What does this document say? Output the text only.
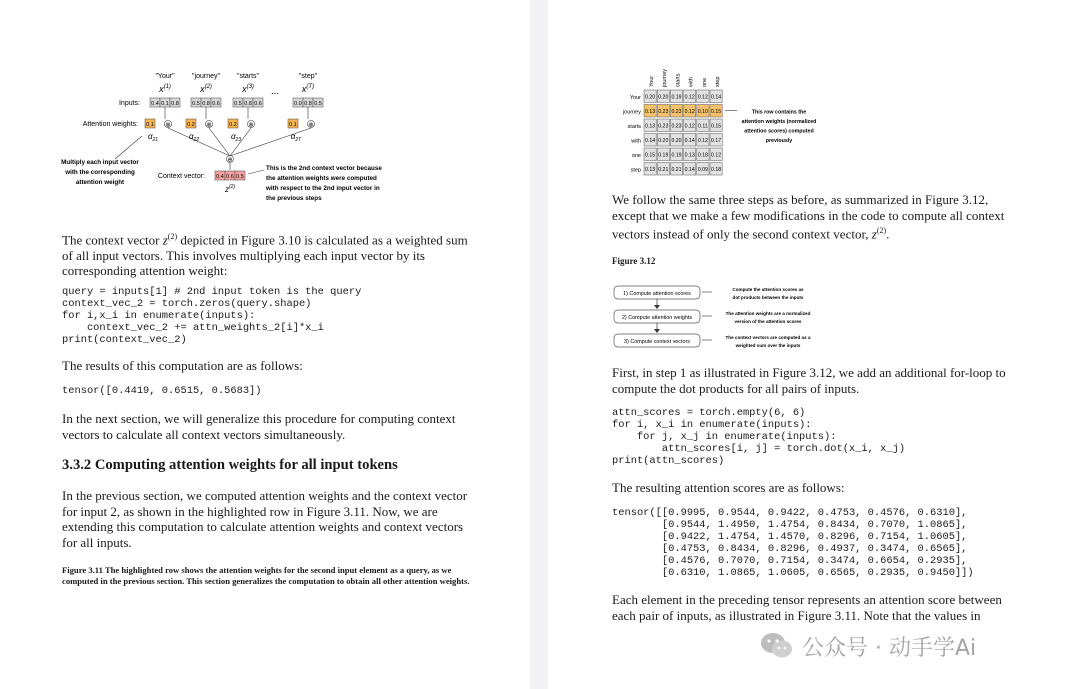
"Your"
$x^{(1)}$
"journey"
$x^{(2)}$
"starts"
$x^{(3)}$
"step"
$x^{(T)}$
...
Inputs: 0.4 0.1 0.8 0.5 0.8 0.6	0.5 0.8 0.6	0.0 0.8 0.5
Attention weights: 0.1 ⊗
$\alpha_{21}$
0.2 ⊗
$\alpha_{22}$
0.2 ⊗
$\alpha_{23}$
0.1 ⊗
$\alpha_{2T}$
⊕
Context vector: 0.4 0.6 0.5
$z^{(2)}$
Multiply each input vector
with the corresponding
attention weight
This is the 2nd context vector because
the attention weights were computed
with respect to the 2nd input vector in
the previous steps

The context vector $z^{(2)}$ depicted in Figure 3.10 is calculated as a weighted sum of all input vectors. This involves multiplying each input vector by its corresponding attention weight:

query = inputs[1] # 2nd input token is the query
context_vec_2 = torch.zeros(query.shape)
for i,x_i in enumerate(inputs):
context_vec_2 += attn_weights_2[i]*x_i
print(context_vec_2)

The results of this computation are as follows:

tensor([0.4419, 0.6515, 0.5683])

In the next section, we will generalize this procedure for computing context vectors to calculate all context vectors simultaneously.

3.3.2 Computing attention weights for all input tokens

In the previous section, we computed attention weights and the context vector for input 2, as shown in the highlighted row in Figure 3.11. Now, we are extending this computation to calculate attention weights and context vectors for all inputs.

Figure 3.11 The highlighted row shows the attention weights for the second input element as a query, as we computed in the previous section. This section generalizes the computation to obtain all other attention weights.

Your journey starts with one step
Your
journey
starts
with
one
step
0.20 0.20 0.19 0.12 0.12 0.14
0.13 0.23 0.23 0.12 0.10 0.15
0.13 0.23 0.23 0.12 0.11 0.15
0.14 0.20 0.20 0.14 0.12 0.17
0.15 0.19 0.19 0.13 0.18 0.12
0.13 0.21 0.21 0.14 0.09 0.18
This row contains the
attention weights (normalized
attention scores) computed
previously

We follow the same three steps as before, as summarized in Figure 3.12, except that we make a few modifications in the code to compute all context vectors instead of only the second context vector, $z^{(2)}$.

Figure 3.12

1) Compute attention scores
Compute the attention scores as
dot products between the inputs
2) Compute attention weights
The attention weights are a normalized
version of the attention scores
3) Compute context vectors
The context vectors are computed as a
weighted sum over the inputs

First, in step 1 as illustrated in Figure 3.12, we add an additional for-loop to compute the dot products for all pairs of inputs.

attn_scores = torch.empty(6, 6)
for i, x_i in enumerate(inputs):
for j, x_j in enumerate(inputs):
attn_scores[i, j] = torch.dot(x_i, x_j)
print(attn_scores)

The resulting attention scores are as follows:

tensor([[0.9995, 0.9544, 0.9422, 0.4753, 0.4576, 0.6310],
[0.9544, 1.4950, 1.4754, 0.8434, 0.7070, 1.0865],
[0.9422, 1.4754, 1.4570, 0.8296, 0.7154, 1.0605],
[0.4753, 0.8434, 0.8296, 0.4937, 0.3474, 0.6565],
[0.4576, 0.7070, 0.7154, 0.3474, 0.6654, 0.2935],
[0.6310, 1.0865, 1.0605, 0.6565, 0.2935, 0.9450]])

Each element in the preceding tensor represents an attention score between each pair of inputs, as illustrated in Figure 3.11. Note that the values in

公众号 · 动手学Ai
